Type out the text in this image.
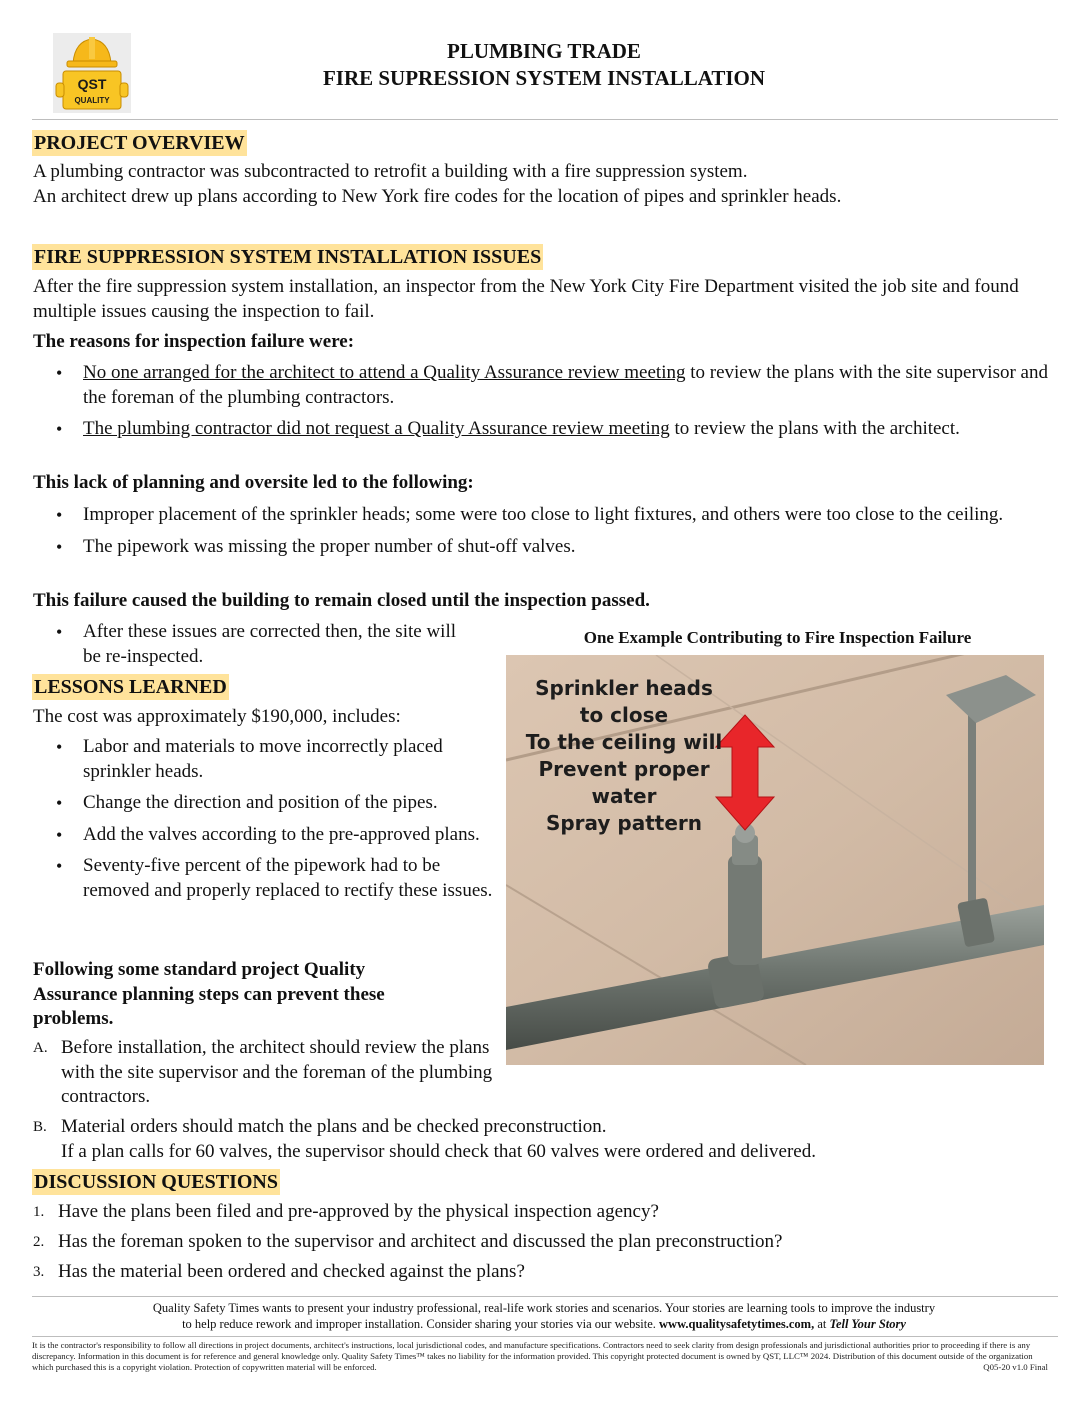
QST
QUALITY
PLUMBING TRADE
FIRE SUPRESSION SYSTEM INSTALLATION
PROJECT OVERVIEW
A plumbing contractor was subcontracted to retrofit a building with a fire suppression system.
An architect drew up plans according to New York fire codes for the location of pipes and sprinkler heads.
FIRE SUPPRESSION SYSTEM INSTALLATION ISSUES
After the fire suppression system installation, an inspector from the New York City Fire Department visited the job site and found multiple issues causing the inspection to fail.
The reasons for inspection failure were:
• No one arranged for the architect to attend a Quality Assurance review meeting to review the plans with the site supervisor and the foreman of the plumbing contractors.
• The plumbing contractor did not request a Quality Assurance review meeting to review the plans with the architect.
This lack of planning and oversite led to the following:
• Improper placement of the sprinkler heads; some were too close to light fixtures, and others were too close to the ceiling.
• The pipework was missing the proper number of shut-off valves.
This failure caused the building to remain closed until the inspection passed.
• After these issues are corrected then, the site will be re-inspected.
One Example Contributing to Fire Inspection Failure
Sprinkler heads
to close
To the ceiling will
Prevent proper
water
Spray pattern
LESSONS LEARNED
The cost was approximately $190,000, includes:
• Labor and materials to move incorrectly placed sprinkler heads.
• Change the direction and position of the pipes.
• Add the valves according to the pre-approved plans.
• Seventy-five percent of the pipework had to be removed and properly replaced to rectify these issues.
Following some standard project Quality Assurance planning steps can prevent these problems.
A. Before installation, the architect should review the plans with the site supervisor and the foreman of the plumbing contractors.
B. Material orders should match the plans and be checked preconstruction.
If a plan calls for 60 valves, the supervisor should check that 60 valves were ordered and delivered.
DISCUSSION QUESTIONS
1. Have the plans been filed and pre-approved by the physical inspection agency?
2. Has the foreman spoken to the supervisor and architect and discussed the plan preconstruction?
3. Has the material been ordered and checked against the plans?
Quality Safety Times wants to present your industry professional, real-life work stories and scenarios. Your stories are learning tools to improve the industry
to help reduce rework and improper installation. Consider sharing your stories via our website. www.qualitysafetytimes.com, at Tell Your Story
It is the contractor's responsibility to follow all directions in project documents, architect's instructions, local jurisdictional codes, and manufacture specifications. Contractors need to seek clarity from design professionals and jurisdictional authorities prior to proceeding if there is any discrepancy. Information in this document is for reference and general knowledge only. Quality Safety Times™ takes no liability for the information provided. This copyright protected document is owned by QST, LLC™ 2024. Distribution of this document outside of the organization which purchased this is a copyright violation. Protection of copywritten material will be enforced.	Q05-20 v1.0 Final
